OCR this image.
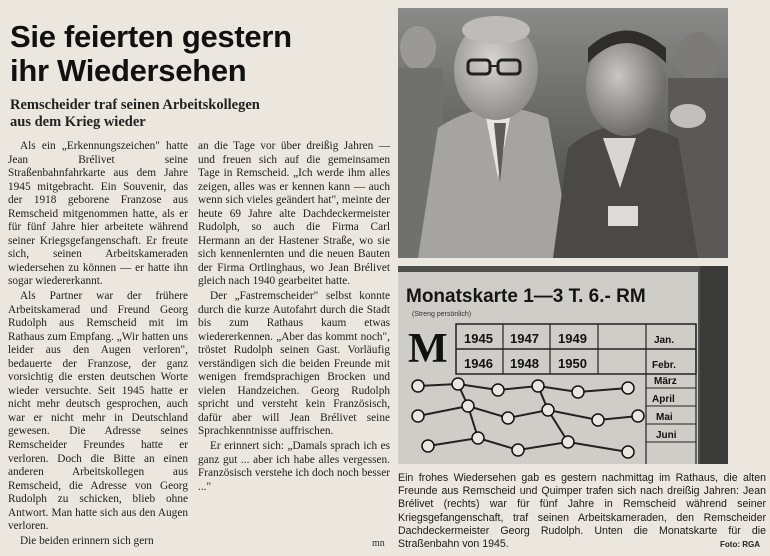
Sie feierten gestern
ihr Wiedersehen
Remscheider traf seinen Arbeitskollegen
aus dem Krieg wieder

Als ein „Erkennungszeichen" hatte Jean Brélivet seine Straßenbahnfahrkarte aus dem Jahre 1945 mitgebracht. Ein Souvenir, das der 1918 geborene Franzose aus Remscheid mitgenommen hatte, als er für fünf Jahre hier arbeitete während seiner Kriegsgefangenschaft. Er freute sich, seinen Arbeitskameraden wiedersehen zu können — er hatte ihn sogar wiedererkannt.

Als Partner war der frühere Arbeitskamerad und Freund Georg Rudolph aus Remscheid mit im Rathaus zum Empfang. „Wir hatten uns leider aus den Augen verloren", bedauerte der Franzose, der ganz vorsichtig die ersten deutschen Worte wieder versuchte. Seit 1945 hatte er nicht mehr deutsch gesprochen, auch war er nicht mehr in Deutschland gewesen. Die Adresse seines Remscheider Freundes hatte er verloren. Doch die Bitte an einen anderen Arbeitskollegen aus Remscheid, die Adresse von Georg Rudolph zu schicken, blieb ohne Antwort. Man hatte sich aus den Augen verloren.

Die beiden erinnern sich gern

an die Tage vor über dreißig Jahren — und freuen sich auf die gemeinsamen Tage in Remscheid. „Ich werde ihm alles zeigen, alles was er kennen kann — auch wenn sich vieles geändert hat", meinte der heute 69 Jahre alte Dachdeckermeister Rudolph, so auch die Firma Carl Hermann an der Hastener Straße, wo sie sich kennenlernten und die neuen Bauten der Firma Ortlinghaus, wo Jean Brélivet gleich nach 1940 gearbeitet hatte.

Der „Fastremscheider" selbst konnte durch die kurze Autofahrt durch die Stadt bis zum Rathaus kaum etwas wiedererkennen. „Aber das kommt noch", tröstet Rudolph seinen Gast. Vorläufig verständigen sich die beiden Freunde mit wenigen fremdsprachigen Brocken und vielen Handzeichen. Georg Rudolph spricht und versteht kein Französisch, dafür aber will Jean Brélivet seine Sprachkenntnisse auffrischen.

Er erinnert sich: „Damals sprach ich es ganz gut ... aber ich habe alles vergessen. Französisch verstehe ich doch noch besser ..."

mn
Monatskarte 1—3 T. 6.- RM
(Streng persönlich)
M 1945 1947 1949
1946 1948 1950
Jan.
Febr.
März
April
Mai
Juni

Ein frohes Wiedersehen gab es gestern nachmittag im Rathaus, die alten Freunde aus Remscheid und Quimper trafen sich nach dreißig Jahren: Jean Brélivet (rechts) war für fünf Jahre in Remscheid während seiner Kriegsgefangenschaft, traf seinen Arbeitskameraden, den Remscheider Dachdeckermeister Georg Rudolph. Unten die Monatskarte für die Straßenbahn von 1945.	Foto: RGA
